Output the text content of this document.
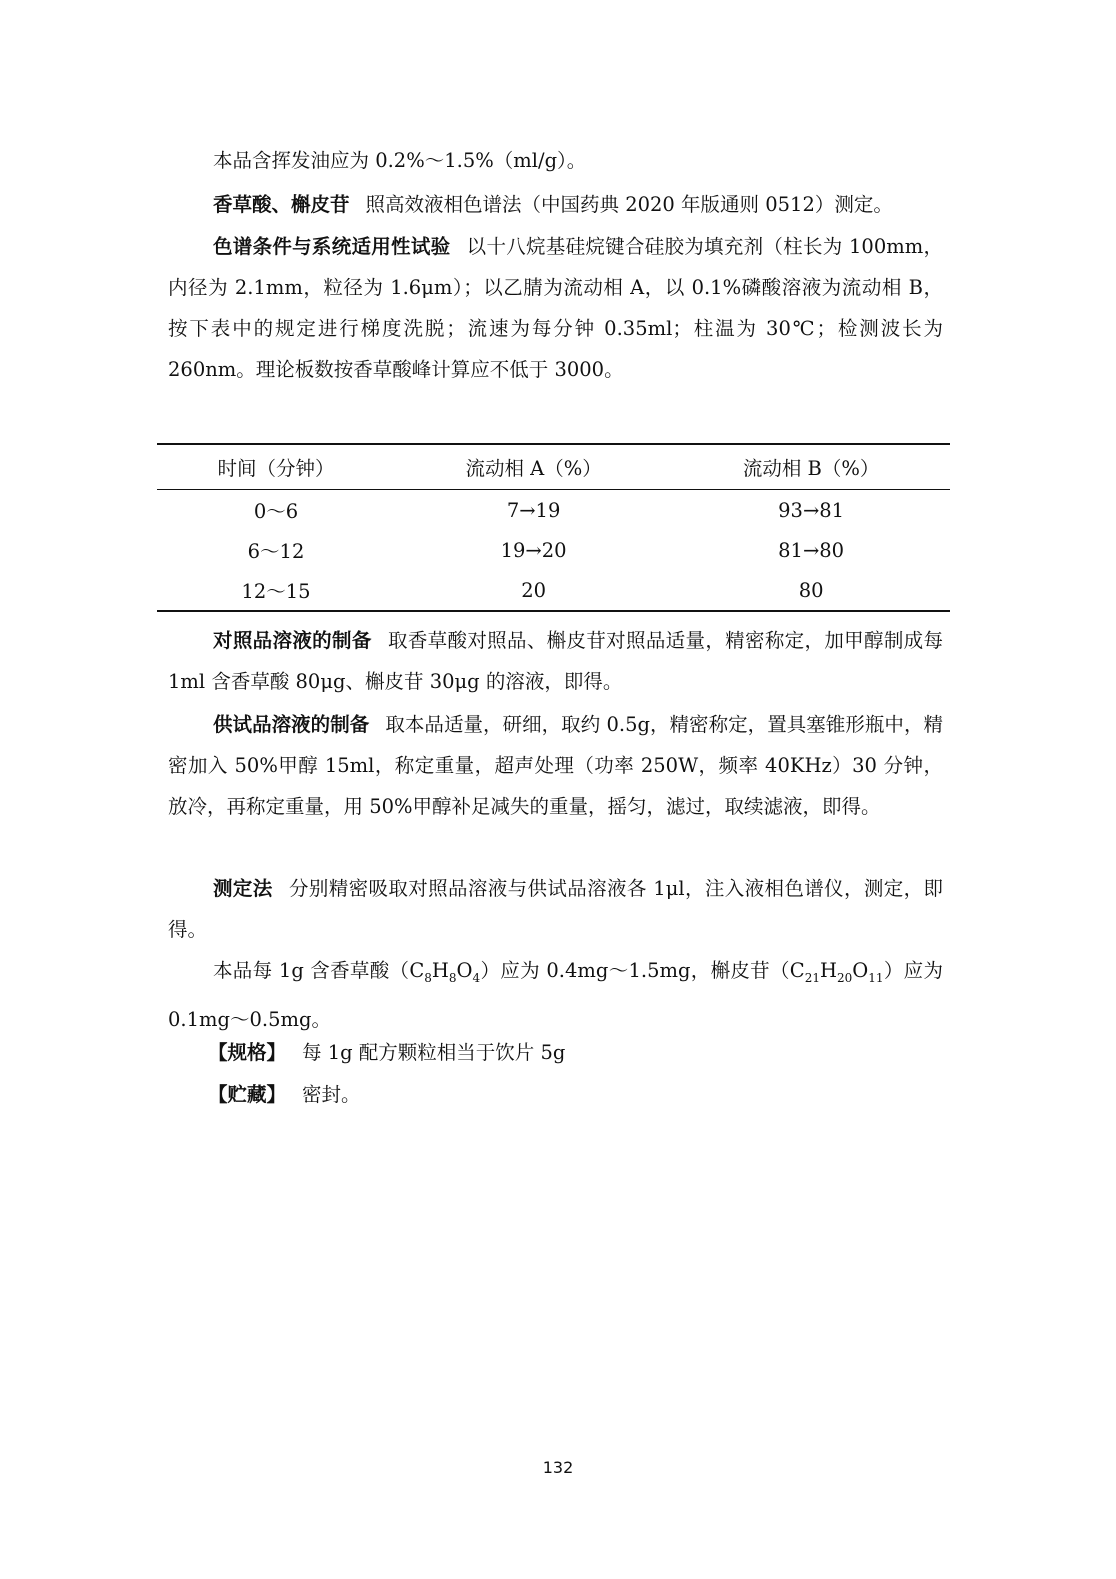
本品含挥发油应为 0.2%～1.5%（ml/g）。

香草酸、槲皮苷 照高效液相色谱法（中国药典 2020 年版通则 0512）测定。

色谱条件与系统适用性试验 以十八烷基硅烷键合硅胶为填充剂（柱长为 100mm，内径为 2.1mm，粒径为 1.6μm）；以乙腈为流动相 A，以 0.1%磷酸溶液为流动相 B，按下表中的规定进行梯度洗脱；流速为每分钟 0.35ml；柱温为 30℃；检测波长为 260nm。理论板数按香草酸峰计算应不低于 3000。

时间（分钟）	流动相 A（%）	流动相 B（%）
0～6	7→19	93→81
6～12	19→20	81→80
12～15	20	80

对照品溶液的制备 取香草酸对照品、槲皮苷对照品适量，精密称定，加甲醇制成每 1ml 含香草酸 80μg、槲皮苷 30μg 的溶液，即得。

供试品溶液的制备 取本品适量，研细，取约 0.5g，精密称定，置具塞锥形瓶中，精密加入 50%甲醇 15ml，称定重量，超声处理（功率 250W，频率 40KHz）30 分钟，放冷，再称定重量，用 50%甲醇补足减失的重量，摇匀，滤过，取续滤液，即得。

测定法 分别精密吸取对照品溶液与供试品溶液各 1μl，注入液相色谱仪，测定，即得。

本品每 1g 含香草酸$(C_8H_8O_4)$应为 0.4mg～1.5mg，槲皮苷$(C_{21}H_{20}O_{11})$应为 0.1mg～0.5mg。

【规格】 每 1g 配方颗粒相当于饮片 5g

【贮藏】 密封。

132
